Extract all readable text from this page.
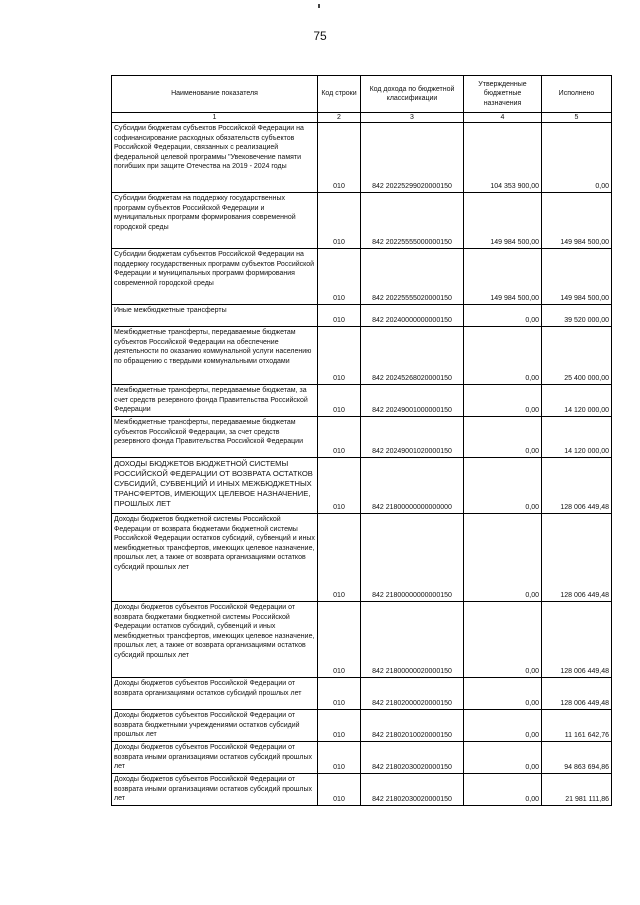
75
Наименование показателя	Код строки	Код дохода по бюджетной классификации	Утвержденные бюджетные назначения	Исполнено
1	2	3	4	5
Субсидии бюджетам субъектов Российской Федерации на софинансирование расходных обязательств субъектов Российской Федерации, связанных с реализацией федеральной целевой программы "Увековечение памяти погибших при защите Отечества на 2019 - 2024 годы	010	842 20225299020000150	104 353 900,00	0,00
Субсидии бюджетам на поддержку государственных программ субъектов Российской Федерации и муниципальных программ формирования современной городской среды	010	842 20225555000000150	149 984 500,00	149 984 500,00
Субсидии бюджетам субъектов Российской Федерации на поддержку государственных программ субъектов Российской Федерации и муниципальных программ формирования современной городской среды	010	842 20225555020000150	149 984 500,00	149 984 500,00
Иные межбюджетные трансферты	010	842 20240000000000150	0,00	39 520 000,00
Межбюджетные трансферты, передаваемые бюджетам субъектов Российской Федерации на обеспечение деятельности по оказанию коммунальной услуги населению по обращению с твердыми коммунальными отходами	010	842 20245268020000150	0,00	25 400 000,00
Межбюджетные трансферты, передаваемые бюджетам, за счет средств резервного фонда Правительства Российской Федерации	010	842 20249001000000150	0,00	14 120 000,00
Межбюджетные трансферты, передаваемые бюджетам субъектов Российской Федерации, за счет средств резервного фонда Правительства Российской Федерации	010	842 20249001020000150	0,00	14 120 000,00
ДОХОДЫ БЮДЖЕТОВ БЮДЖЕТНОЙ СИСТЕМЫ РОССИЙСКОЙ ФЕДЕРАЦИИ ОТ ВОЗВРАТА ОСТАТКОВ СУБСИДИЙ, СУБВЕНЦИЙ И ИНЫХ МЕЖБЮДЖЕТНЫХ ТРАНСФЕРТОВ, ИМЕЮЩИХ ЦЕЛЕВОЕ НАЗНАЧЕНИЕ, ПРОШЛЫХ ЛЕТ	010	842 21800000000000000	0,00	128 006 449,48
Доходы бюджетов бюджетной системы Российской Федерации от возврата бюджетами бюджетной системы Российской Федерации остатков субсидий, субвенций и иных межбюджетных трансфертов, имеющих целевое назначение, прошлых лет, а также от возврата организациями остатков субсидий прошлых лет	010	842 21800000000000150	0,00	128 006 449,48
Доходы бюджетов субъектов Российской Федерации от возврата бюджетами бюджетной системы Российской Федерации остатков субсидий, субвенций и иных межбюджетных трансфертов, имеющих целевое назначение, прошлых лет, а также от возврата организациями остатков субсидий прошлых лет	010	842 21800000020000150	0,00	128 006 449,48
Доходы бюджетов субъектов Российской Федерации от возврата организациями остатков субсидий прошлых лет	010	842 21802000020000150	0,00	128 006 449,48
Доходы бюджетов субъектов Российской Федерации от возврата бюджетными учреждениями остатков субсидий прошлых лет	010	842 21802010020000150	0,00	11 161 642,76
Доходы бюджетов субъектов Российской Федерации от возврата иными организациями остатков субсидий прошлых лет	010	842 21802030020000150	0,00	94 863 694,86
Доходы бюджетов субъектов Российской Федерации от возврата иными организациями остатков субсидий прошлых лет	010	842 21802030020000150	0,00	21 981 111,86
